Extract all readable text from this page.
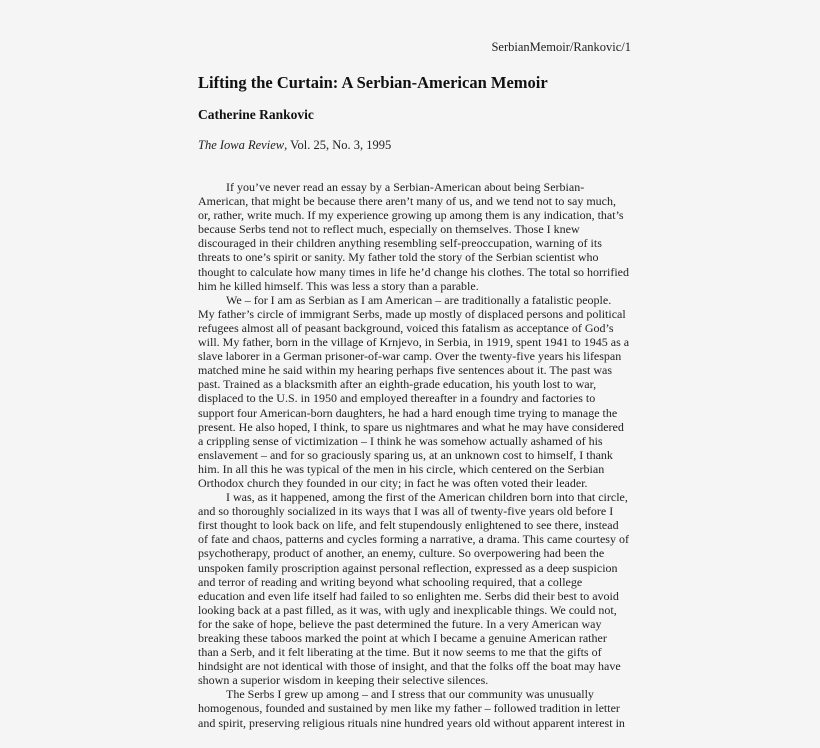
SerbianMemoir/Rankovic/1
Lifting the Curtain: A Serbian-American Memoir
Catherine Rankovic

The Iowa Review, Vol. 25, No. 3, 1995

If you’ve never read an essay by a Serbian-American about being Serbian-
American, that might be because there aren’t many of us, and we tend not to say much,
or, rather, write much. If my experience growing up among them is any indication, that’s
because Serbs tend not to reflect much, especially on themselves. Those I knew
discouraged in their children anything resembling self-preoccupation, warning of its
threats to one’s spirit or sanity. My father told the story of the Serbian scientist who
thought to calculate how many times in life he’d change his clothes. The total so horrified
him he killed himself. This was less a story than a parable.
We – for I am as Serbian as I am American – are traditionally a fatalistic people.
My father’s circle of immigrant Serbs, made up mostly of displaced persons and political
refugees almost all of peasant background, voiced this fatalism as acceptance of God’s
will. My father, born in the village of Krnjevo, in Serbia, in 1919, spent 1941 to 1945 as a
slave laborer in a German prisoner-of-war camp. Over the twenty-five years his lifespan
matched mine he said within my hearing perhaps five sentences about it. The past was
past. Trained as a blacksmith after an eighth-grade education, his youth lost to war,
displaced to the U.S. in 1950 and employed thereafter in a foundry and factories to
support four American-born daughters, he had a hard enough time trying to manage the
present. He also hoped, I think, to spare us nightmares and what he may have considered
a crippling sense of victimization – I think he was somehow actually ashamed of his
enslavement – and for so graciously sparing us, at an unknown cost to himself, I thank
him. In all this he was typical of the men in his circle, which centered on the Serbian
Orthodox church they founded in our city; in fact he was often voted their leader.
I was, as it happened, among the first of the American children born into that circle,
and so thoroughly socialized in its ways that I was all of twenty-five years old before I
first thought to look back on life, and felt stupendously enlightened to see there, instead
of fate and chaos, patterns and cycles forming a narrative, a drama. This came courtesy of
psychotherapy, product of another, an enemy, culture. So overpowering had been the
unspoken family proscription against personal reflection, expressed as a deep suspicion
and terror of reading and writing beyond what schooling required, that a college
education and even life itself had failed to so enlighten me. Serbs did their best to avoid
looking back at a past filled, as it was, with ugly and inexplicable things. We could not,
for the sake of hope, believe the past determined the future. In a very American way
breaking these taboos marked the point at which I became a genuine American rather
than a Serb, and it felt liberating at the time. But it now seems to me that the gifts of
hindsight are not identical with those of insight, and that the folks off the boat may have
shown a superior wisdom in keeping their selective silences.
The Serbs I grew up among – and I stress that our community was unusually
homogenous, founded and sustained by men like my father – followed tradition in letter
and spirit, preserving religious rituals nine hundred years old without apparent interest in
